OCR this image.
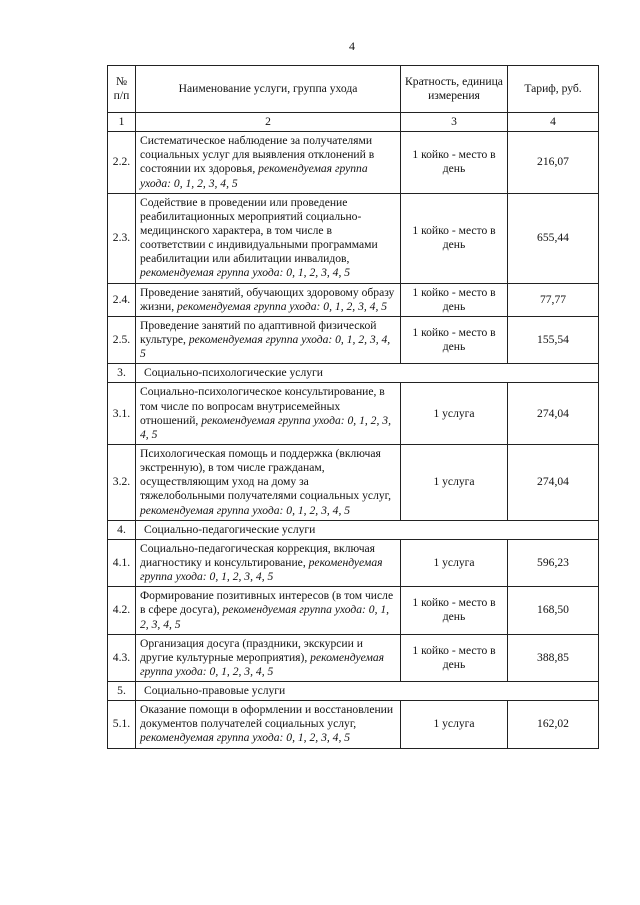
4
№ п/п	Наименование услуги, группа ухода	Кратность, единица измерения	Тариф, руб.
1	2	3	4
2.2.	Систематическое наблюдение за получателями социальных услуг для выявления отклонений в состоянии их здоровья, рекомендуемая группа ухода: 0, 1, 2, 3, 4, 5	1 койко - место в день	216,07
2.3.	Содействие в проведении или проведение реабилитационных мероприятий социально-медицинского характера, в том числе в соответствии с индивидуальными программами реабилитации или абилитации инвалидов, рекомендуемая группа ухода: 0, 1, 2, 3, 4, 5	1 койко - место в день	655,44
2.4.	Проведение занятий, обучающих здоровому образу жизни, рекомендуемая группа ухода: 0, 1, 2, 3, 4, 5	1 койко - место в день	77,77
2.5.	Проведение занятий по адаптивной физической культуре, рекомендуемая группа ухода: 0, 1, 2, 3, 4, 5	1 койко - место в день	155,54
3.	Социально-психологические услуги		
3.1.	Социально-психологическое консультирование, в том числе по вопросам внутрисемейных отношений, рекомендуемая группа ухода: 0, 1, 2, 3, 4, 5	1 услуга	274,04
3.2.	Психологическая помощь и поддержка (включая экстренную), в том числе гражданам, осуществляющим уход на дому за тяжелобольными получателями социальных услуг, рекомендуемая группа ухода: 0, 1, 2, 3, 4, 5	1 услуга	274,04
4.	Социально-педагогические услуги		
4.1.	Социально-педагогическая коррекция, включая диагностику и консультирование, рекомендуемая группа ухода: 0, 1, 2, 3, 4, 5	1 услуга	596,23
4.2.	Формирование позитивных интересов (в том числе в сфере досуга), рекомендуемая группа ухода: 0, 1, 2, 3, 4, 5	1 койко - место в день	168,50
4.3.	Организация досуга (праздники, экскурсии и другие культурные мероприятия), рекомендуемая группа ухода: 0, 1, 2, 3, 4, 5	1 койко - место в день	388,85
5.	Социально-правовые услуги		
5.1.	Оказание помощи в оформлении и восстановлении документов получателей социальных услуг, рекомендуемая группа ухода: 0, 1, 2, 3, 4, 5	1 услуга	162,02
